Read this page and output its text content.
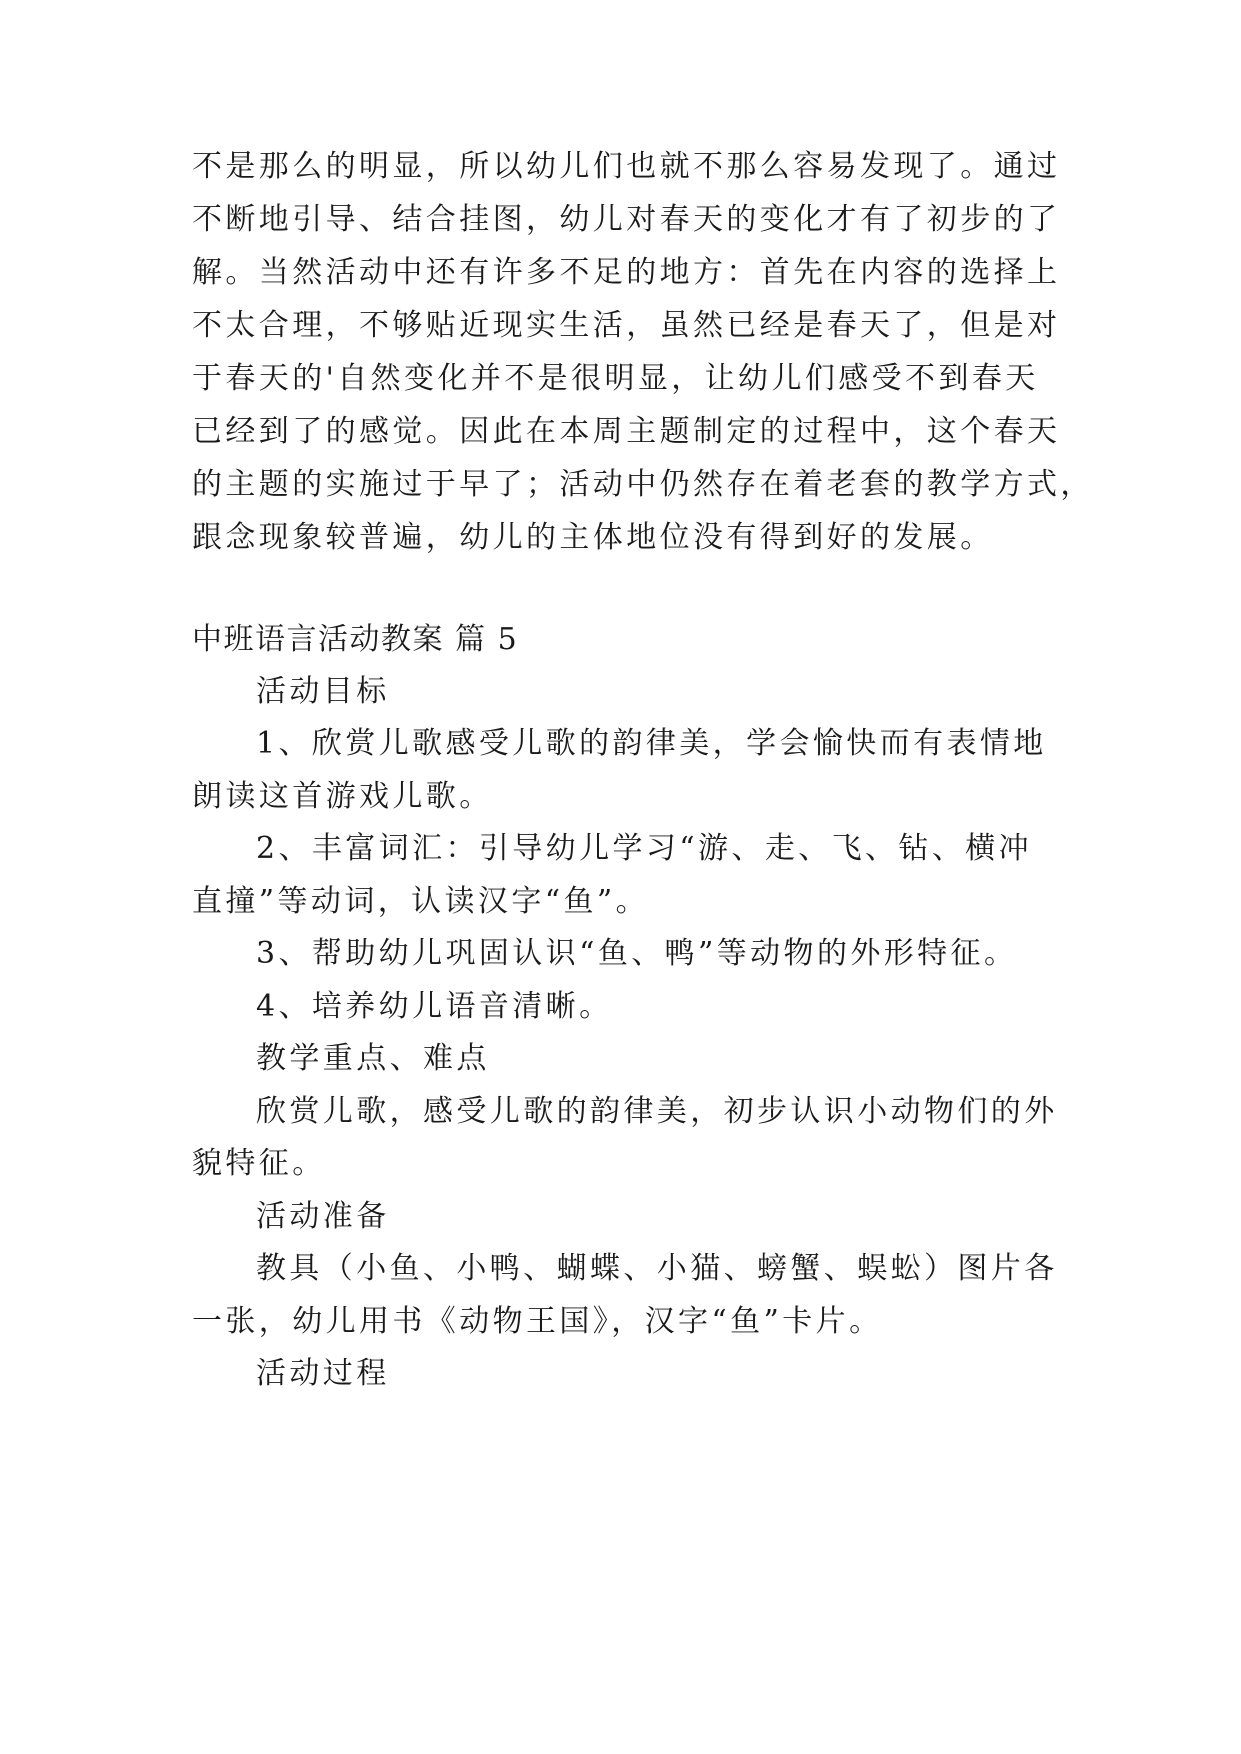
不是那么的明显，所以幼儿们也就不那么容易发现了。通过
不断地引导、结合挂图，幼儿对春天的变化才有了初步的了
解。当然活动中还有许多不足的地方：首先在内容的选择上
不太合理，不够贴近现实生活，虽然已经是春天了，但是对
于春天的'自然变化并不是很明显，让幼儿们感受不到春天
已经到了的感觉。因此在本周主题制定的过程中，这个春天
的主题的实施过于早了；活动中仍然存在着老套的教学方式，
跟念现象较普遍，幼儿的主体地位没有得到好的发展。
中班语言活动教案 篇 5
活动目标
1、欣赏儿歌感受儿歌的韵律美，学会愉快而有表情地
朗读这首游戏儿歌。
2、丰富词汇：引导幼儿学习“游、走、飞、钻、横冲
直撞”等动词，认读汉字“鱼”。
3、帮助幼儿巩固认识“鱼、鸭”等动物的外形特征。
4、培养幼儿语音清晰。
教学重点、难点
欣赏儿歌，感受儿歌的韵律美，初步认识小动物们的外
貌特征。
活动准备
教具（小鱼、小鸭、蝴蝶、小猫、螃蟹、蜈蚣）图片各
一张，幼儿用书《动物王国》，汉字“鱼”卡片。
活动过程
